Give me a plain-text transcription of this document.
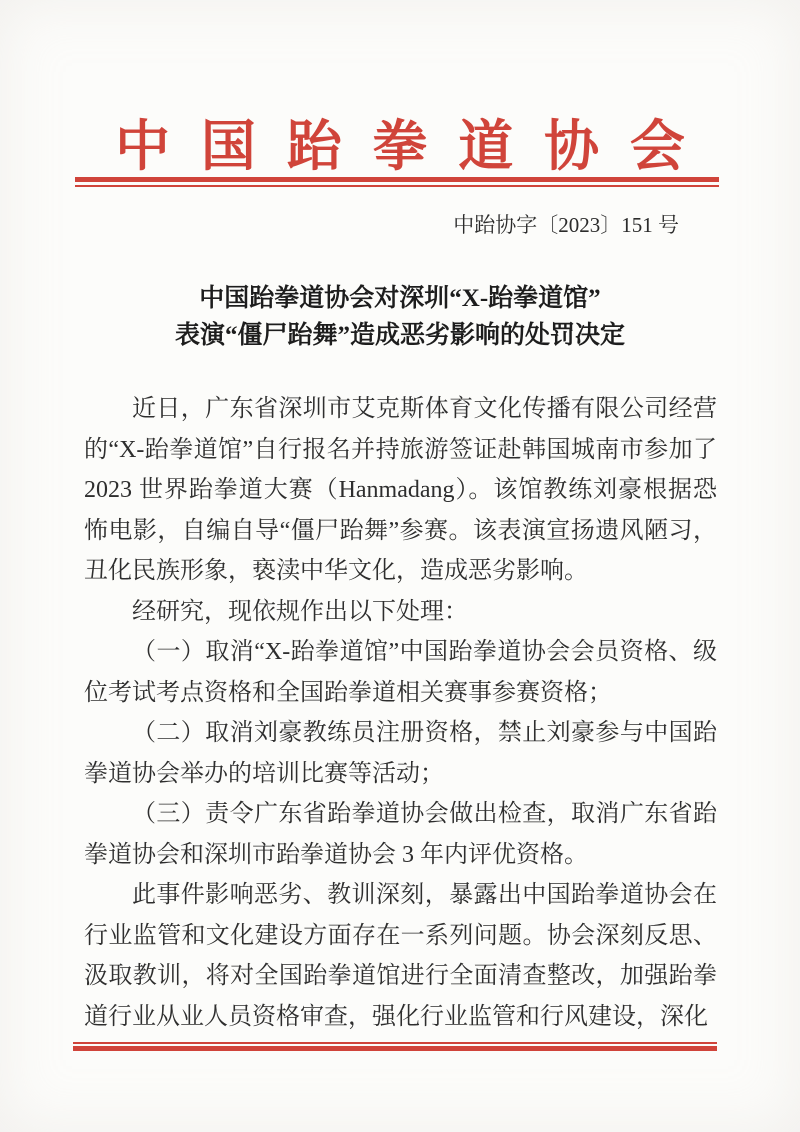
中国跆拳道协会
中跆协字〔2023〕151 号
中国跆拳道协会对深圳“X-跆拳道馆”
表演“僵尸跆舞”造成恶劣影响的处罚决定

近日，广东省深圳市艾克斯体育文化传播有限公司经营的“X-跆拳道馆”自行报名并持旅游签证赴韩国城南市参加了 2023 世界跆拳道大赛（Hanmadang）。该馆教练刘豪根据恐怖电影，自编自导“僵尸跆舞”参赛。该表演宣扬遗风陋习，丑化民族形象，亵渎中华文化，造成恶劣影响。

经研究，现依规作出以下处理：

（一）取消“X-跆拳道馆”中国跆拳道协会会员资格、级位考试考点资格和全国跆拳道相关赛事参赛资格；

（二）取消刘豪教练员注册资格，禁止刘豪参与中国跆拳道协会举办的培训比赛等活动；

（三）责令广东省跆拳道协会做出检查，取消广东省跆拳道协会和深圳市跆拳道协会 3 年内评优资格。

此事件影响恶劣、教训深刻，暴露出中国跆拳道协会在行业监管和文化建设方面存在一系列问题。协会深刻反思、汲取教训，将对全国跆拳道馆进行全面清查整改，加强跆拳道行业从业人员资格审查，强化行业监管和行风建设，深化
